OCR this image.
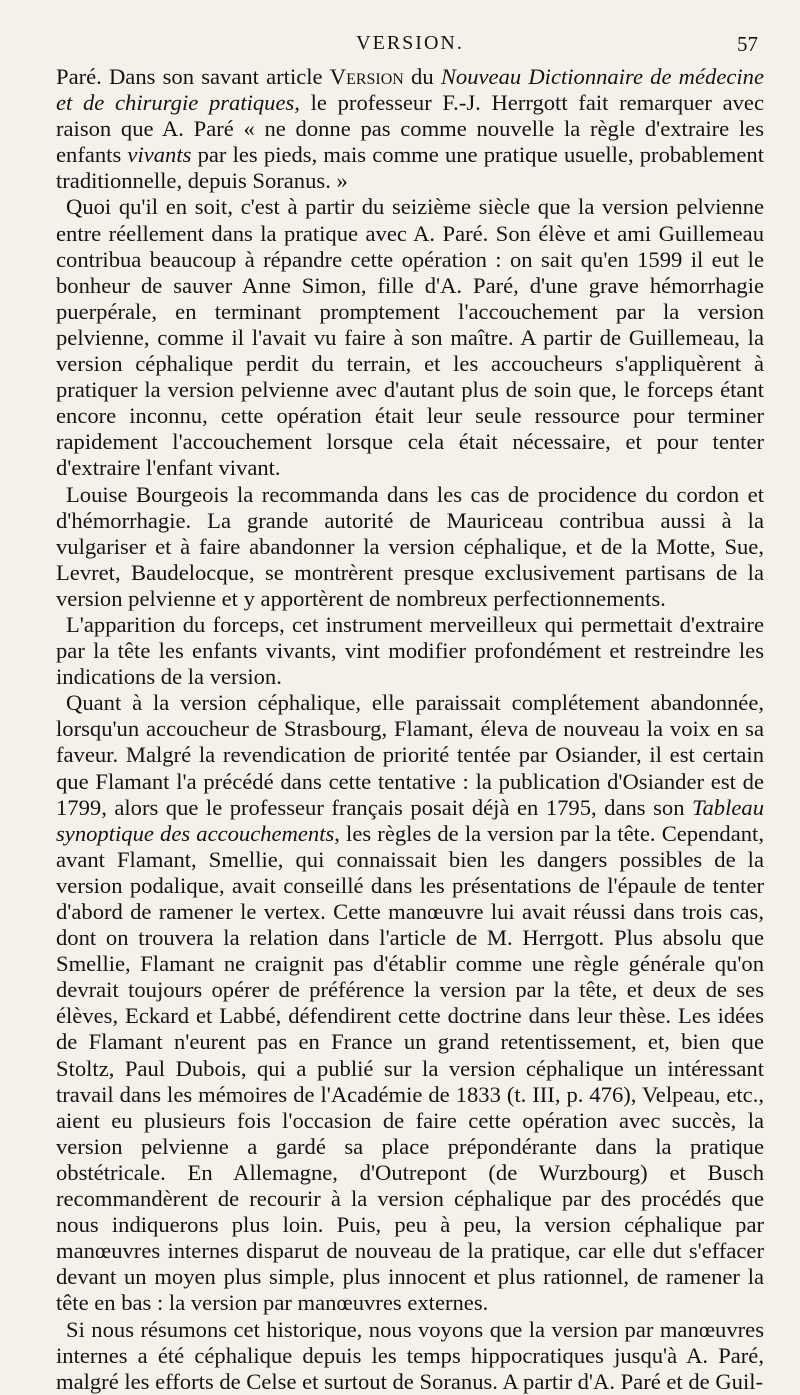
VERSION.	57

Paré. Dans son savant article Version du Nouveau Dictionnaire de médecine et de chirurgie pratiques, le professeur F.-J. Herrgott fait remarquer avec raison que A. Paré « ne donne pas comme nouvelle la règle d'extraire les enfants vivants par les pieds, mais comme une pratique usuelle, probablement traditionnelle, depuis Soranus. »

Quoi qu'il en soit, c'est à partir du seizième siècle que la version pelvienne entre réellement dans la pratique avec A. Paré. Son élève et ami Guillemeau contribua beaucoup à répandre cette opération : on sait qu'en 1599 il eut le bonheur de sauver Anne Simon, fille d'A. Paré, d'une grave hémorrhagie puerpérale, en terminant promptement l'accouchement par la version pelvienne, comme il l'avait vu faire à son maître. A partir de Guillemeau, la version céphalique perdit du terrain, et les accoucheurs s'appliquèrent à pratiquer la version pelvienne avec d'autant plus de soin que, le forceps étant encore inconnu, cette opération était leur seule ressource pour terminer rapidement l'accouchement lorsque cela était nécessaire, et pour tenter d'extraire l'enfant vivant.

Louise Bourgeois la recommanda dans les cas de procidence du cordon et d'hémorrhagie. La grande autorité de Mauriceau contribua aussi à la vulgariser et à faire abandonner la version céphalique, et de la Motte, Sue, Levret, Baudelocque, se montrèrent presque exclusivement partisans de la version pelvienne et y apportèrent de nombreux perfectionnements.

L'apparition du forceps, cet instrument merveilleux qui permettait d'extraire par la tête les enfants vivants, vint modifier profondément et restreindre les indications de la version.

Quant à la version céphalique, elle paraissait complétement abandonnée, lorsqu'un accoucheur de Strasbourg, Flamant, éleva de nouveau la voix en sa faveur. Malgré la revendication de priorité tentée par Osiander, il est certain que Flamant l'a précédé dans cette tentative : la publication d'Osiander est de 1799, alors que le professeur français posait déjà en 1795, dans son Tableau synoptique des accouchements, les règles de la version par la tête. Cependant, avant Flamant, Smellie, qui connaissait bien les dangers possibles de la version podalique, avait conseillé dans les présentations de l'épaule de tenter d'abord de ramener le vertex. Cette manœuvre lui avait réussi dans trois cas, dont on trouvera la relation dans l'article de M. Herrgott. Plus absolu que Smellie, Flamant ne craignit pas d'établir comme une règle générale qu'on devrait toujours opérer de préférence la version par la tête, et deux de ses élèves, Eckard et Labbé, défendirent cette doctrine dans leur thèse. Les idées de Flamant n'eurent pas en France un grand retentissement, et, bien que Stoltz, Paul Dubois, qui a publié sur la version céphalique un intéressant travail dans les mémoires de l'Académie de 1833 (t. III, p. 476), Velpeau, etc., aient eu plusieurs fois l'occasion de faire cette opération avec succès, la version pelvienne a gardé sa place prépondérante dans la pratique obstétricale. En Allemagne, d'Outrepont (de Wurzbourg) et Busch recommandèrent de recourir à la version céphalique par des procédés que nous indiquerons plus loin. Puis, peu à peu, la version céphalique par manœuvres internes disparut de nouveau de la pratique, car elle dut s'effacer devant un moyen plus simple, plus innocent et plus rationnel, de ramener la tête en bas : la version par manœuvres externes.

Si nous résumons cet historique, nous voyons que la version par manœuvres internes a été céphalique depuis les temps hippocratiques jusqu'à A. Paré, malgré les efforts de Celse et surtout de Soranus. A partir d'A. Paré et de Guil-
